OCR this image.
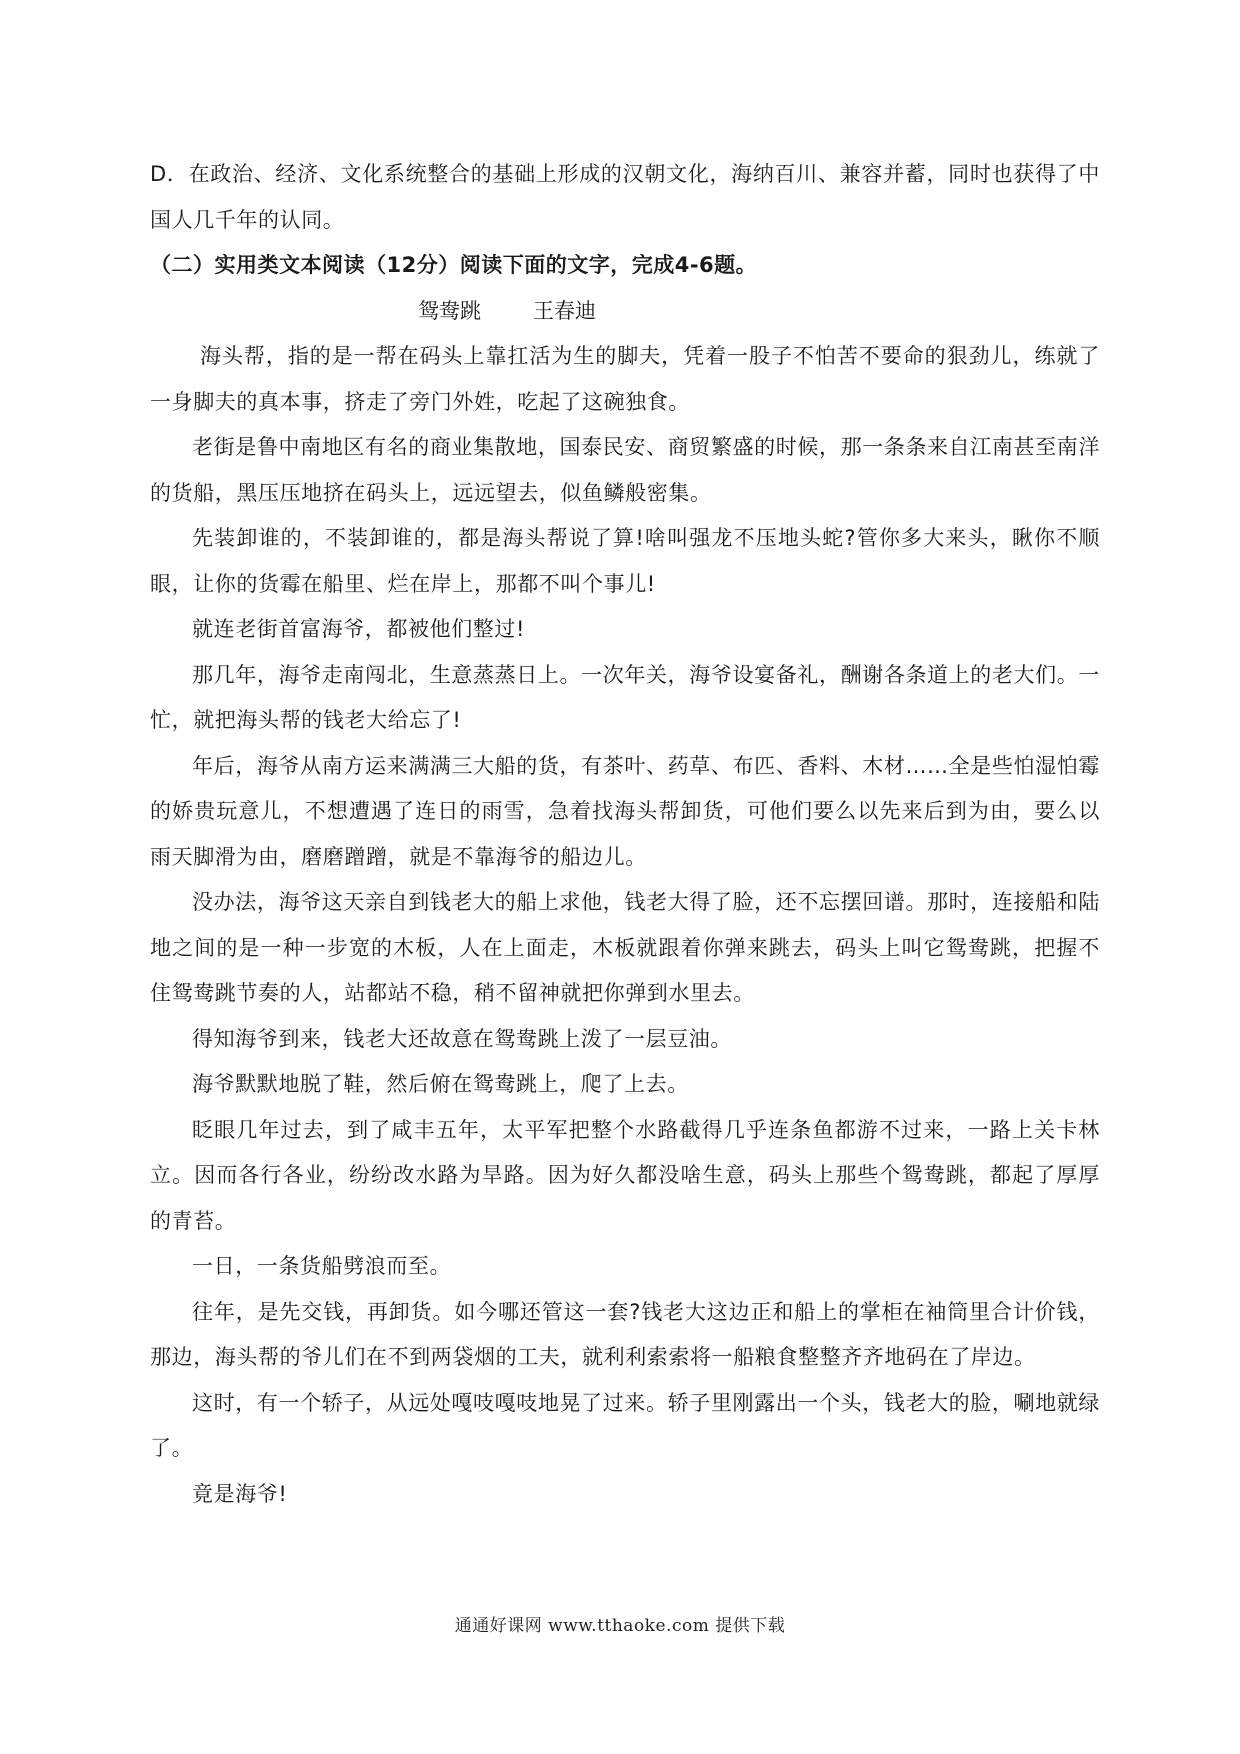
D．在政治、经济、文化系统整合的基础上形成的汉朝文化，海纳百川、兼容并蓄，同时也获得了中国人几千年的认同。

（二）实用类文本阅读（12分）阅读下面的文字，完成4-6题。

鸳鸯跳 王春迪

海头帮，指的是一帮在码头上靠扛活为生的脚夫，凭着一股子不怕苦不要命的狠劲儿，练就了一身脚夫的真本事，挤走了旁门外姓，吃起了这碗独食。

老街是鲁中南地区有名的商业集散地，国泰民安、商贸繁盛的时候，那一条条来自江南甚至南洋的货船，黑压压地挤在码头上，远远望去，似鱼鳞般密集。

先装卸谁的，不装卸谁的，都是海头帮说了算!啥叫强龙不压地头蛇?管你多大来头，瞅你不顺眼，让你的货霉在船里、烂在岸上，那都不叫个事儿!

就连老街首富海爷，都被他们整过!

那几年，海爷走南闯北，生意蒸蒸日上。一次年关，海爷设宴备礼，酬谢各条道上的老大们。一忙，就把海头帮的钱老大给忘了!

年后，海爷从南方运来满满三大船的货，有茶叶、药草、布匹、香料、木材……全是些怕湿怕霉的娇贵玩意儿，不想遭遇了连日的雨雪，急着找海头帮卸货，可他们要么以先来后到为由，要么以雨天脚滑为由，磨磨蹭蹭，就是不靠海爷的船边儿。

没办法，海爷这天亲自到钱老大的船上求他，钱老大得了脸，还不忘摆回谱。那时，连接船和陆地之间的是一种一步宽的木板，人在上面走，木板就跟着你弹来跳去，码头上叫它鸳鸯跳，把握不住鸳鸯跳节奏的人，站都站不稳，稍不留神就把你弹到水里去。

得知海爷到来，钱老大还故意在鸳鸯跳上泼了一层豆油。

海爷默默地脱了鞋，然后俯在鸳鸯跳上，爬了上去。

眨眼几年过去，到了咸丰五年，太平军把整个水路截得几乎连条鱼都游不过来，一路上关卡林立。因而各行各业，纷纷改水路为旱路。因为好久都没啥生意，码头上那些个鸳鸯跳，都起了厚厚的青苔。

一日，一条货船劈浪而至。

往年，是先交钱，再卸货。如今哪还管这一套?钱老大这边正和船上的掌柜在袖筒里合计价钱，那边，海头帮的爷儿们在不到两袋烟的工夫，就利利索索将一船粮食整整齐齐地码在了岸边。

这时，有一个轿子，从远处嘎吱嘎吱地晃了过来。轿子里刚露出一个头，钱老大的脸，唰地就绿了。

竟是海爷!

通通好课网 www.tthaoke.com 提供下载
